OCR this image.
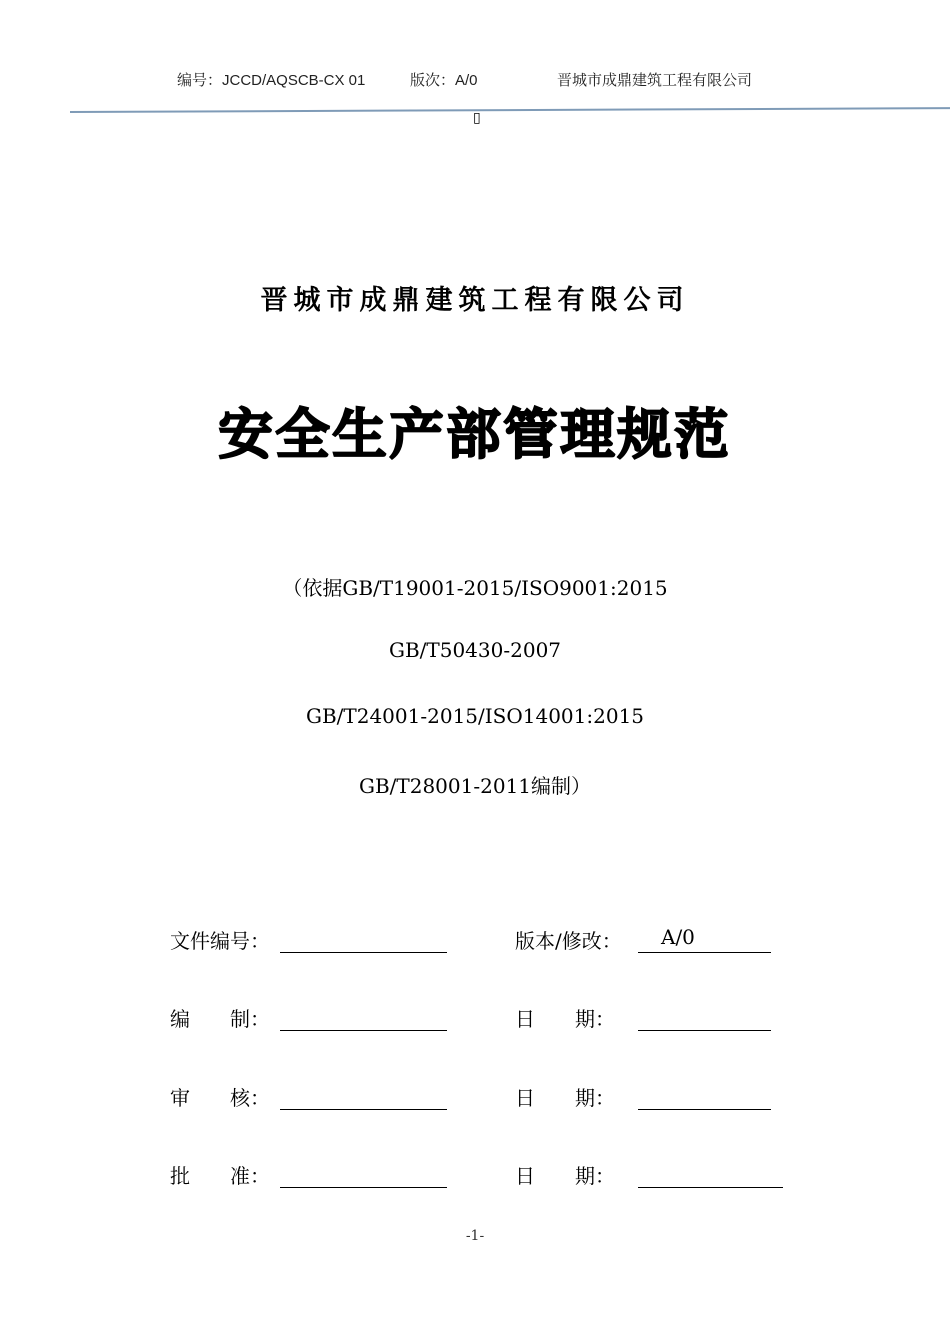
编号：JCCD/AQSCB-CX 01	版次：A/0	晋城市成鼎建筑工程有限公司
▯
晋城市成鼎建筑工程有限公司
安全生产部管理规范
（依据GB/T19001-2015/ISO9001:2015
GB/T50430-2007
GB/T24001-2015/ISO14001:2015
GB/T28001-2011编制）
文件编号：	版本/修改： A/0
编　　制：	日　　期：
审　　核：	日　　期：
批　　准：	日　　期：
-1-
